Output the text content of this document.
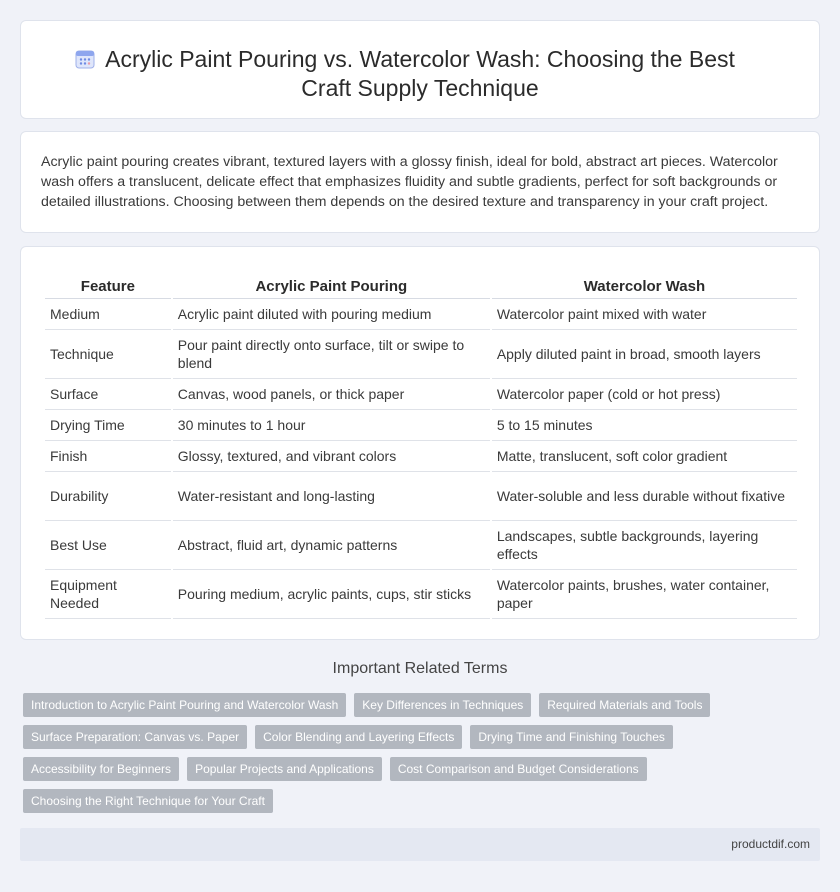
Acrylic Paint Pouring vs. Watercolor Wash: Choosing the Best
Craft Supply Technique

Acrylic paint pouring creates vibrant, textured layers with a glossy finish, ideal for bold, abstract art pieces. Watercolor wash offers a translucent, delicate effect that emphasizes fluidity and subtle gradients, perfect for soft backgrounds or detailed illustrations. Choosing between them depends on the desired texture and transparency in your craft project.

Feature	Acrylic Paint Pouring	Watercolor Wash
Medium	Acrylic paint diluted with pouring medium	Watercolor paint mixed with water
Technique	Pour paint directly onto surface, tilt or swipe to blend	Apply diluted paint in broad, smooth layers
Surface	Canvas, wood panels, or thick paper	Watercolor paper (cold or hot press)
Drying Time	30 minutes to 1 hour	5 to 15 minutes
Finish	Glossy, textured, and vibrant colors	Matte, translucent, soft color gradient
Durability	Water-resistant and long-lasting	Water-soluble and less durable without fixative
Best Use	Abstract, fluid art, dynamic patterns	Landscapes, subtle backgrounds, layering effects
Equipment Needed	Pouring medium, acrylic paints, cups, stir sticks	Watercolor paints, brushes, water container, paper
Important Related Terms
Introduction to Acrylic Paint Pouring and Watercolor Wash	Key Differences in Techniques	Required Materials and Tools
Surface Preparation: Canvas vs. Paper	Color Blending and Layering Effects	Drying Time and Finishing Touches
Accessibility for Beginners	Popular Projects and Applications	Cost Comparison and Budget Considerations
Choosing the Right Technique for Your Craft
productdif.com
